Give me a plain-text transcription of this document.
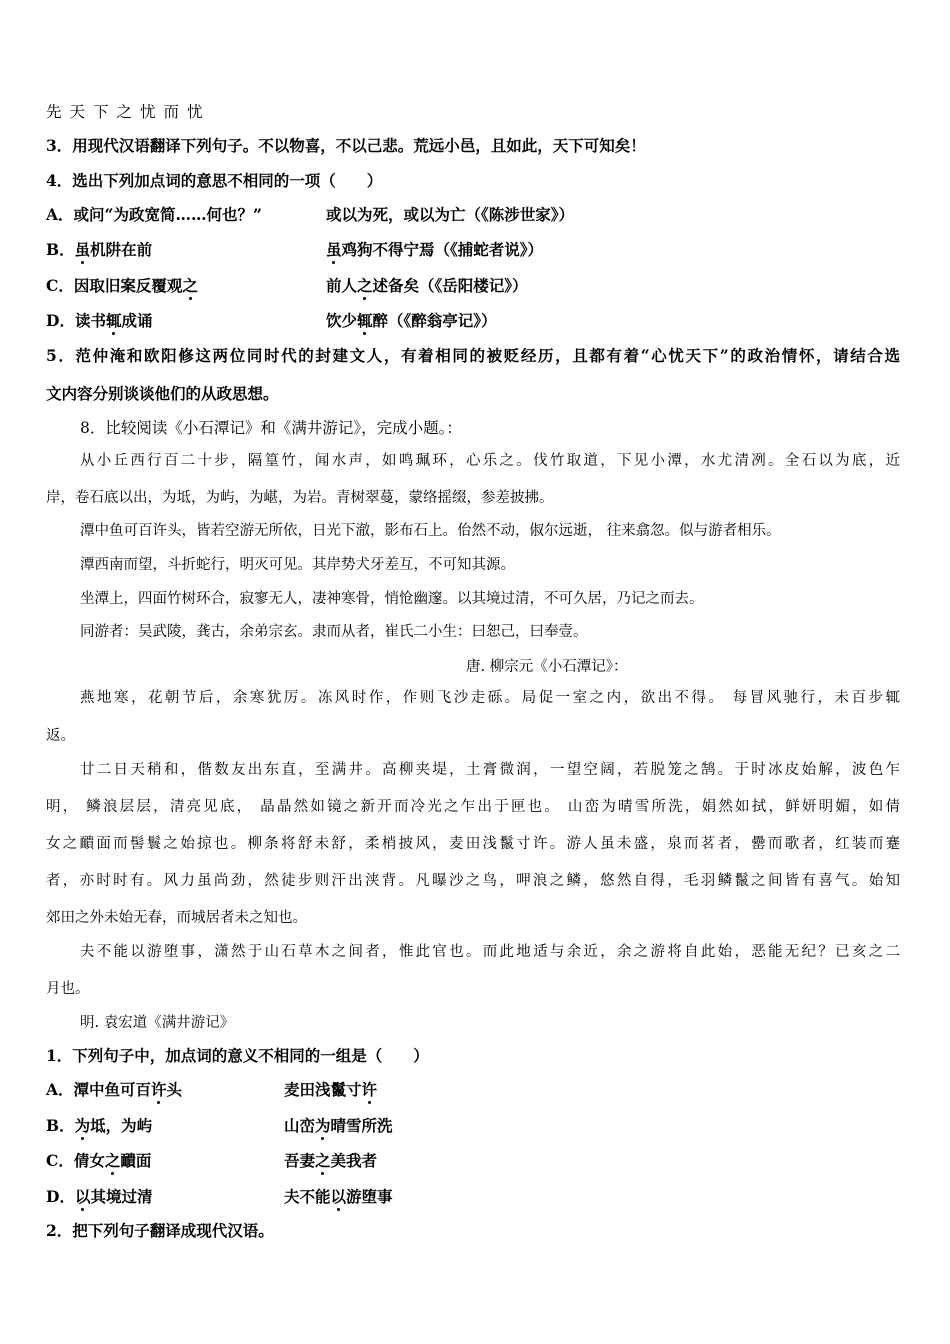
先天下之忧而忧
3．用现代汉语翻译下列句子。不以物喜，不以己悲。荒远小邑，且如此，天下可知矣！
4．选出下列加点词的意思不相同的一项（　　）
A．或问“为政宽简……何也？”	或以为死，或以为亡（《陈涉世家》）
B．虽机阱在前	虽鸡狗不得宁焉（《捕蛇者说》）
C．因取旧案反覆观之	前人之述备矣（《岳阳楼记》）
D．读书辄成诵	饮少辄醉（《醉翁亭记》）
5．范仲淹和欧阳修这两位同时代的封建文人，有着相同的被贬经历，且都有着“心忧天下”的政治情怀，请结合选
文内容分别谈谈他们的从政思想。
8．比较阅读《小石潭记》和《满井游记》，完成小题。：
从小丘西行百二十步，隔篁竹，闻水声，如鸣珮环，心乐之。伐竹取道，下见小潭，水尤清冽。全石以为底，近
岸，卷石底以出，为坻，为屿，为嵁，为岩。青树翠蔓，蒙络摇缀，参差披拂。
潭中鱼可百许头，皆若空游无所依，日光下澈，影布石上。佁然不动，俶尔远逝， 往来翕忽。似与游者相乐。
潭西南而望，斗折蛇行，明灭可见。其岸势犬牙差互，不可知其源。
坐潭上，四面竹树环合，寂寥无人，凄神寒骨，悄怆幽邃。以其境过清，不可久居，乃记之而去。
同游者：吴武陵，龚古，余弟宗玄。隶而从者，崔氏二小生：曰恕己，曰奉壹。
唐. 柳宗元《小石潭记》：
燕地寒，花朝节后，余寒犹厉。冻风时作，作则飞沙走砾。局促一室之内，欲出不得。 每冒风驰行，未百步辄
返。
廿二日天稍和，偕数友出东直，至满井。高柳夹堤，土膏微润，一望空阔，若脱笼之鹄。于时冰皮始解，波色乍
明， 鳞浪层层，清亮见底， 晶晶然如镜之新开而冷光之乍出于匣也。 山峦为晴雪所洗，娟然如拭，鲜妍明媚，如倩
女之靧面而髻鬟之始掠也。柳条将舒未舒，柔梢披风，麦田浅鬣寸许。游人虽未盛，泉而茗者，罍而歌者，红装而蹇
者，亦时时有。风力虽尚劲，然徒步则汗出浃背。凡曝沙之鸟，呷浪之鳞，悠然自得，毛羽鳞鬣之间皆有喜气。始知
郊田之外未始无春，而城居者未之知也。
夫不能以游堕事，潇然于山石草木之间者，惟此官也。而此地适与余近，余之游将自此始，恶能无纪？已亥之二
月也。
明. 袁宏道《满井游记》
1．下列句子中，加点词的意义不相同的一组是（　　）
A．潭中鱼可百许头	麦田浅鬣寸许
B．为坻，为屿	山峦为晴雪所洗
C．倩女之靧面	吾妻之美我者
D．以其境过清	夫不能以游堕事
2．把下列句子翻译成现代汉语。
